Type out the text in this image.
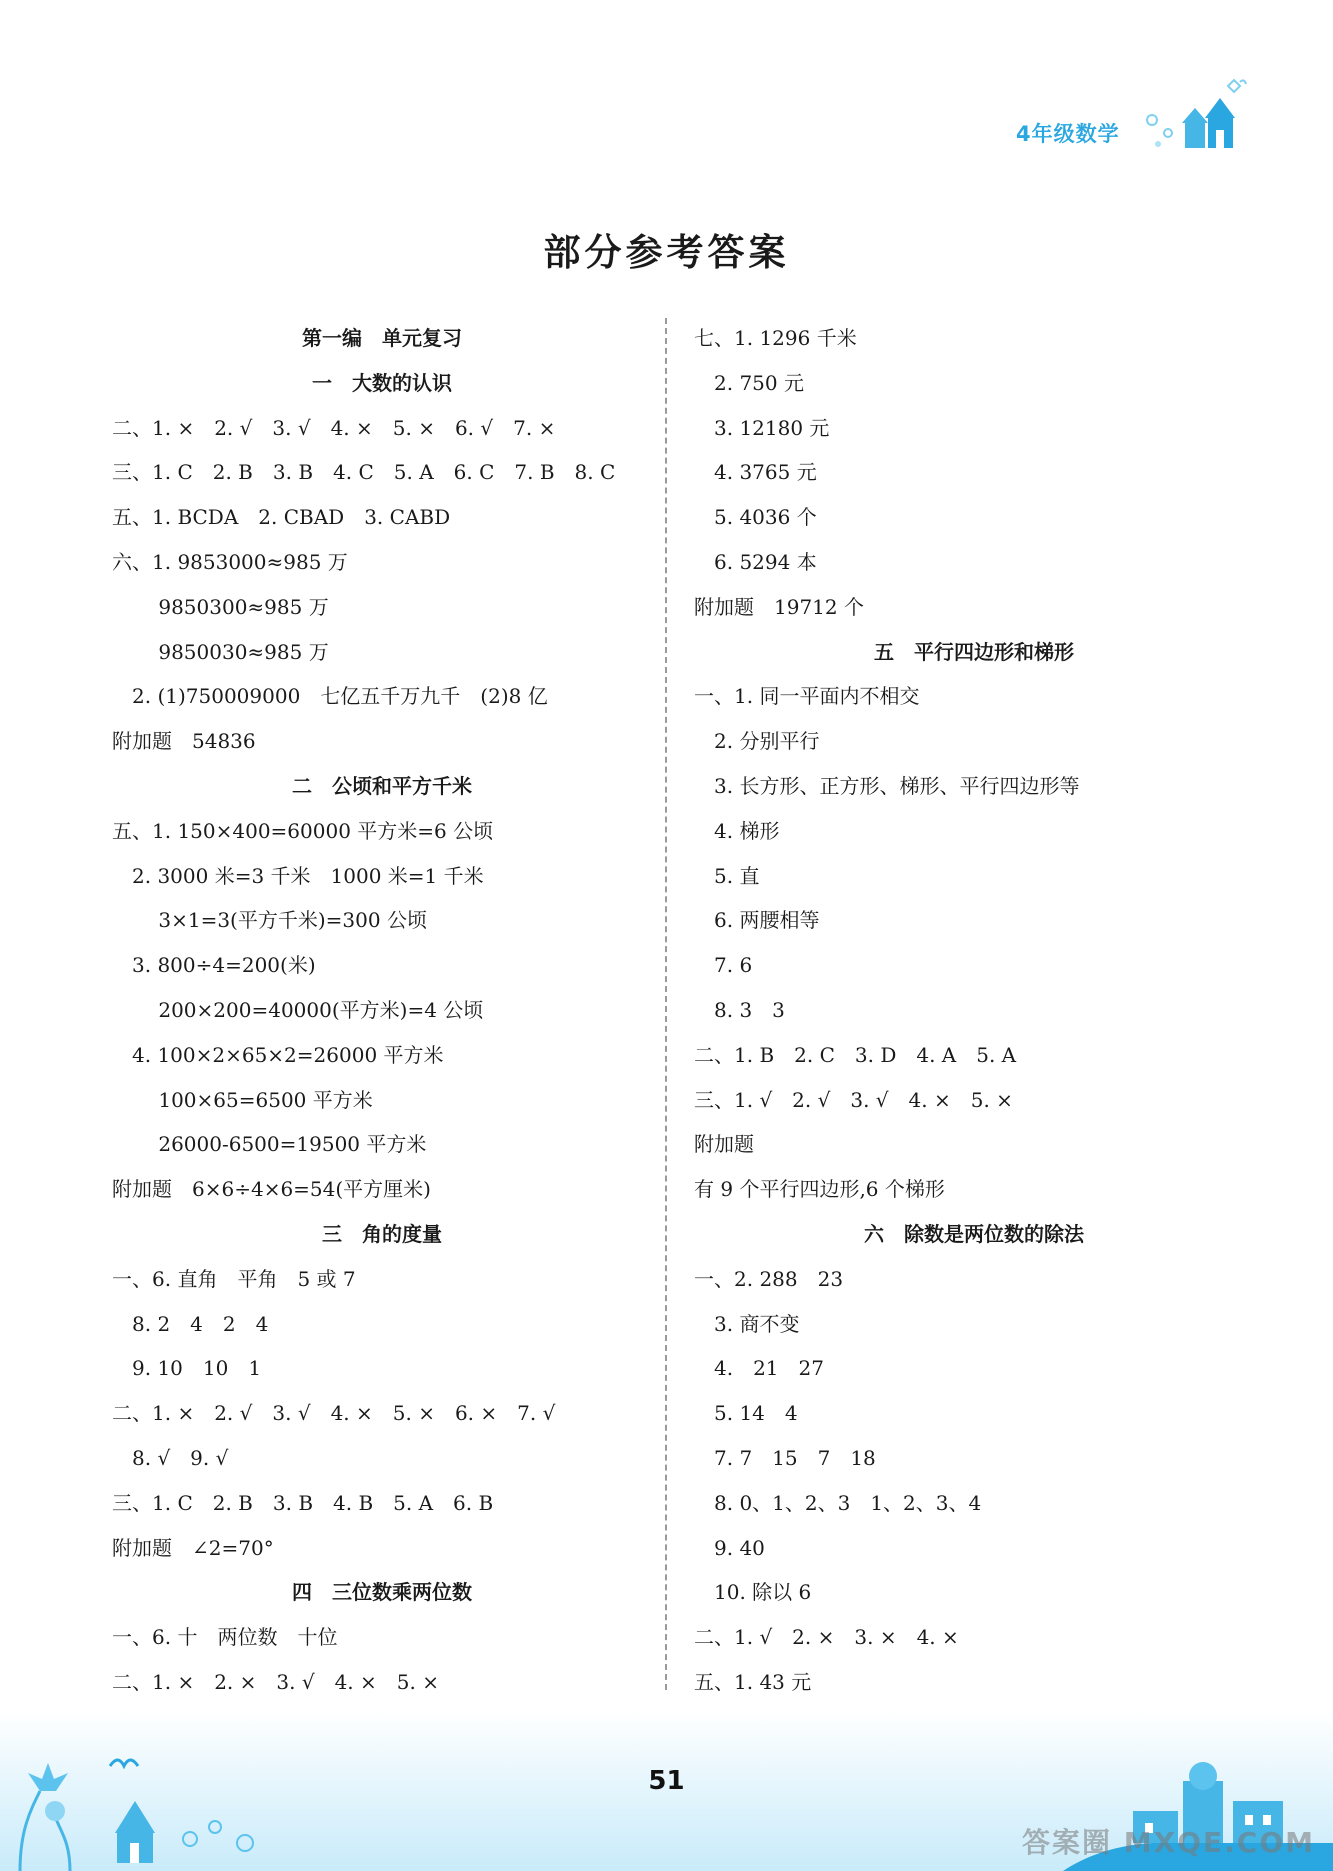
4年级数学
部分参考答案
第一编　单元复习
一　大数的认识
二、1. ×　2. √　3. √　4. ×　5. ×　6. √　7. ×
三、1. C　2. B　3. B　4. C　5. A　6. C　7. B　8. C
五、1. BCDA　2. CBAD　3. CABD
六、1. 9853000≈985 万
　　 9850300≈985 万
　　 9850030≈985 万
　2. (1)750009000　七亿五千万九千　(2)8 亿
附加题　54836
二　公顷和平方千米
五、1. 150×400=60000 平方米=6 公顷
　2. 3000 米=3 千米　1000 米=1 千米
　　 3×1=3(平方千米)=300 公顷
　3. 800÷4=200(米)
　　 200×200=40000(平方米)=4 公顷
　4. 100×2×65×2=26000 平方米
　　 100×65=6500 平方米
　　 26000-6500=19500 平方米
附加题　6×6÷4×6=54(平方厘米)
三　角的度量
一、6. 直角　平角　5 或 7
　8. 2　4　2　4
　9. 10　10　1
二、1. ×　2. √　3. √　4. ×　5. ×　6. ×　7. √
　8. √　9. √
三、1. C　2. B　3. B　4. B　5. A　6. B
附加题　∠2=70°
四　三位数乘两位数
一、6. 十　两位数　十位
二、1. ×　2. ×　3. √　4. ×　5. ×
七、1. 1296 千米
　2. 750 元
　3. 12180 元
　4. 3765 元
　5. 4036 个
　6. 5294 本
附加题　19712 个
五　平行四边形和梯形
一、1. 同一平面内不相交
　2. 分别平行
　3. 长方形、正方形、梯形、平行四边形等
　4. 梯形
　5. 直
　6. 两腰相等
　7. 6
　8. 3　3
二、1. B　2. C　3. D　4. A　5. A
三、1. √　2. √　3. √　4. ×　5. ×
附加题
有 9 个平行四边形,6 个梯形
六　除数是两位数的除法
一、2. 288　23
　3. 商不变
　4.　21　27
　5. 14　4
　7. 7　15　7　18
　8. 0、1、2、3　1、2、3、4
　9. 40
　10. 除以 6
二、1. √　2. ×　3. ×　4. ×
五、1. 43 元
51
答案圈 MXQE.COM
